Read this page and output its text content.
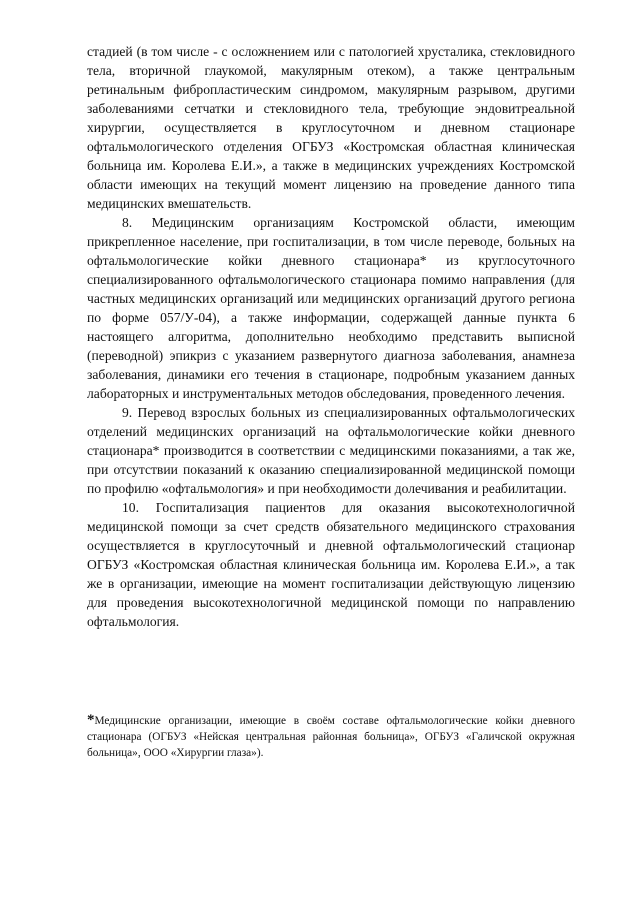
стадией (в том числе - с осложнением или с патологией хрусталика, стекловидного тела, вторичной глаукомой, макулярным отеком), а также центральным ретинальным фибропластическим синдромом, макулярным разрывом, другими заболеваниями сетчатки и стекловидного тела, требующие эндовитреальной хирургии, осуществляется в круглосуточном и дневном стационаре офтальмологического отделения ОГБУЗ «Костромская областная клиническая больница им. Королева Е.И.», а также в медицинских учреждениях Костромской области имеющих на текущий момент лицензию на проведение данного типа медицинских вмешательств.

8. Медицинским организациям Костромской области, имеющим прикрепленное население, при госпитализации, в том числе переводе, больных на офтальмологические койки дневного стационара* из круглосуточного специализированного офтальмологического стационара помимо направления (для частных медицинских организаций или медицинских организаций другого региона по форме 057/У-04), а также информации, содержащей данные пункта 6 настоящего алгоритма, дополнительно необходимо представить выписной (переводной) эпикриз с указанием развернутого диагноза заболевания, анамнеза заболевания, динамики его течения в стационаре, подробным указанием данных лабораторных и инструментальных методов обследования, проведенного лечения.

9. Перевод взрослых больных из специализированных офтальмологических отделений медицинских организаций на офтальмологические койки дневного стационара* производится в соответствии с медицинскими показаниями, а так же, при отсутствии показаний к оказанию специализированной медицинской помощи по профилю «офтальмология» и при необходимости долечивания и реабилитации.

10. Госпитализация пациентов для оказания высокотехнологичной медицинской помощи за счет средств обязательного медицинского страхования осуществляется в круглосуточный и дневной офтальмологический стационар ОГБУЗ «Костромская областная клиническая больница им. Королева Е.И.», а так же в организации, имеющие на момент госпитализации действующую лицензию для проведения высокотехнологичной медицинской помощи по направлению офтальмология.

*Медицинские организации, имеющие в своём составе офтальмологические койки дневного стационара (ОГБУЗ «Нейская центральная районная больница», ОГБУЗ «Галичской окружная больница», ООО «Хирургии глаза»).
